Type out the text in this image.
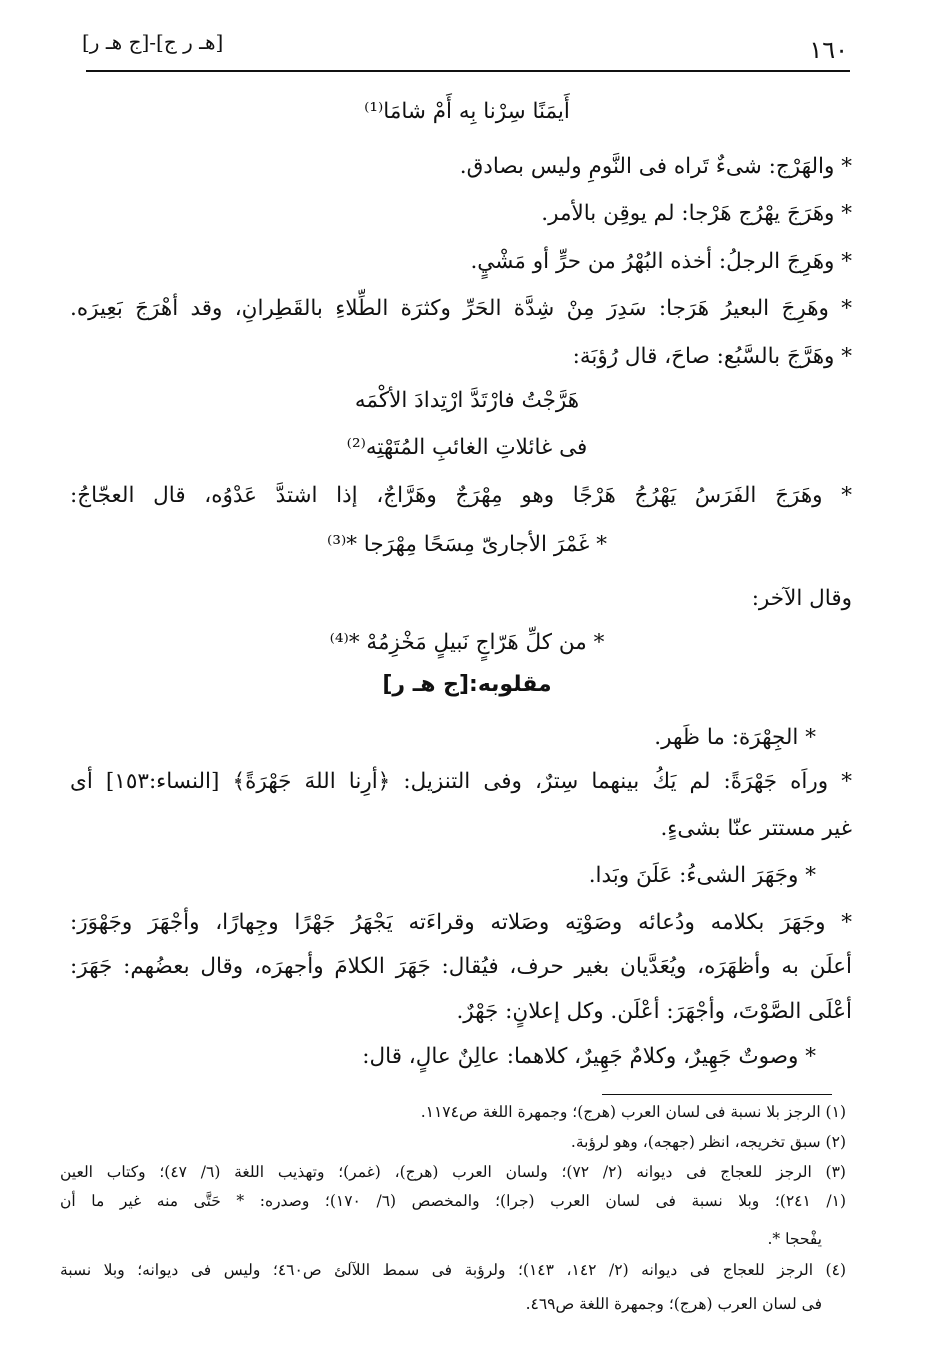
[هـ ر ج]-[ج هـ ر]	١٦٠
أَيمَنًا سِرْنا بِه أَمْ شامَا⁽¹⁾
* والهَرْج: شىءٌ تَراه فى النَّومِ وليس بصادق.
* وهَرَجَ يهْرُج هَرْجا: لم يوقِن بالأمر.
* وهَرِجَ الرجلُ: أخذه البُهْرُ من حرٍّ أو مَشْيٍ.
* وهَرِجَ البعيرُ هَرَجا: سَدِرَ مِنْ شِدَّة الحَرِّ وكثرَة الطِّلاءِ بالقَطِرانِ، وقد أهْرَجَ بَعِيرَه.
* وهَرَّجَ بالسَّبُع: صاحَ، قال رُؤبَة:
هَرَّجْتُ فارْتَدَّ ارْتِدادَ الأكْمَه
فى غائلاتِ الغائبِ المُتَهْتِه⁽²⁾
* وهَرَجَ الفَرَسُ يَهْرُجُ هَرْجًا وهو مِهْرَجٌ وهَرَّاجٌ، إذا اشتدَّ عَدْوُه، قال العجّاجُ:
* غَمْرَ الأجارىّ مِسَحًا مِهْرَجا *⁽³⁾
وقال الآخر:
* من كلِّ هَرّاجٍ نَبيلٍ مَخْزِمُهْ *⁽⁴⁾
مقلوبه:[ج هـ ر]
* الجِهْرَة: ما ظَهر.
* وراَه جَهْرَةً: لم يَكُ بينهما سِترٌ، وفى التنزيل: ﴿أرِنا اللهَ جَهْرَةً﴾ [النساء:١٥٣] أى
غير مستتر عنّا بشىءٍ.
* وجَهَرَ الشىءُ: عَلَنَ وبَدا.
* وجَهَرَ بكلامه ودُعائه وصَوْتِه وصَلاته وقراءَته يَجْهَرُ جَهْرًا وجِهارًا، وأجْهَرَ وجَهْوَرَ:
أعلَن به وأظهَرَه، ويُعَدَّيان بغير حرف، فيُقال: جَهَرَ الكلامَ وأجهرَه، وقال بعضُهم: جَهَرَ:
أعْلَى الصَّوْتَ، وأجْهَرَ: أعْلَن. وكل إعلانٍ: جَهْرٌ.
* وصوتٌ جَهِيرٌ، وكلامٌ جَهِيرٌ، كلاهما: عالِنٌ عالٍ، قال:
(١) الرجز بلا نسبة فى لسان العرب (هرج)؛ وجمهرة اللغة ص١١٧٤.
(٢) سبق تخريجه، انظر (جهجه)، وهو لرؤبة.
(٣) الرجز للعجاج فى ديوانه (٢/ ٧٢)؛ ولسان العرب (هرج)، (غمر)؛ وتهذيب اللغة (٦/ ٤٧)؛ وكتاب العين
(١/ ٢٤١)؛ وبلا نسبة فى لسان العرب (جرا)؛ والمخصص (٦/ ١٧٠)؛ وصدره: * حَتَّى منه غير ما أن
يفْحجا *.
(٤) الرجز للعجاج فى ديوانه (٢/ ١٤٢، ١٤٣)؛ ولرؤبة فى سمط اللآلئ ص٤٦٠؛ وليس فى ديوانه؛ وبلا نسبة
فى لسان العرب (هرج)؛ وجمهرة اللغة ص٤٦٩.
